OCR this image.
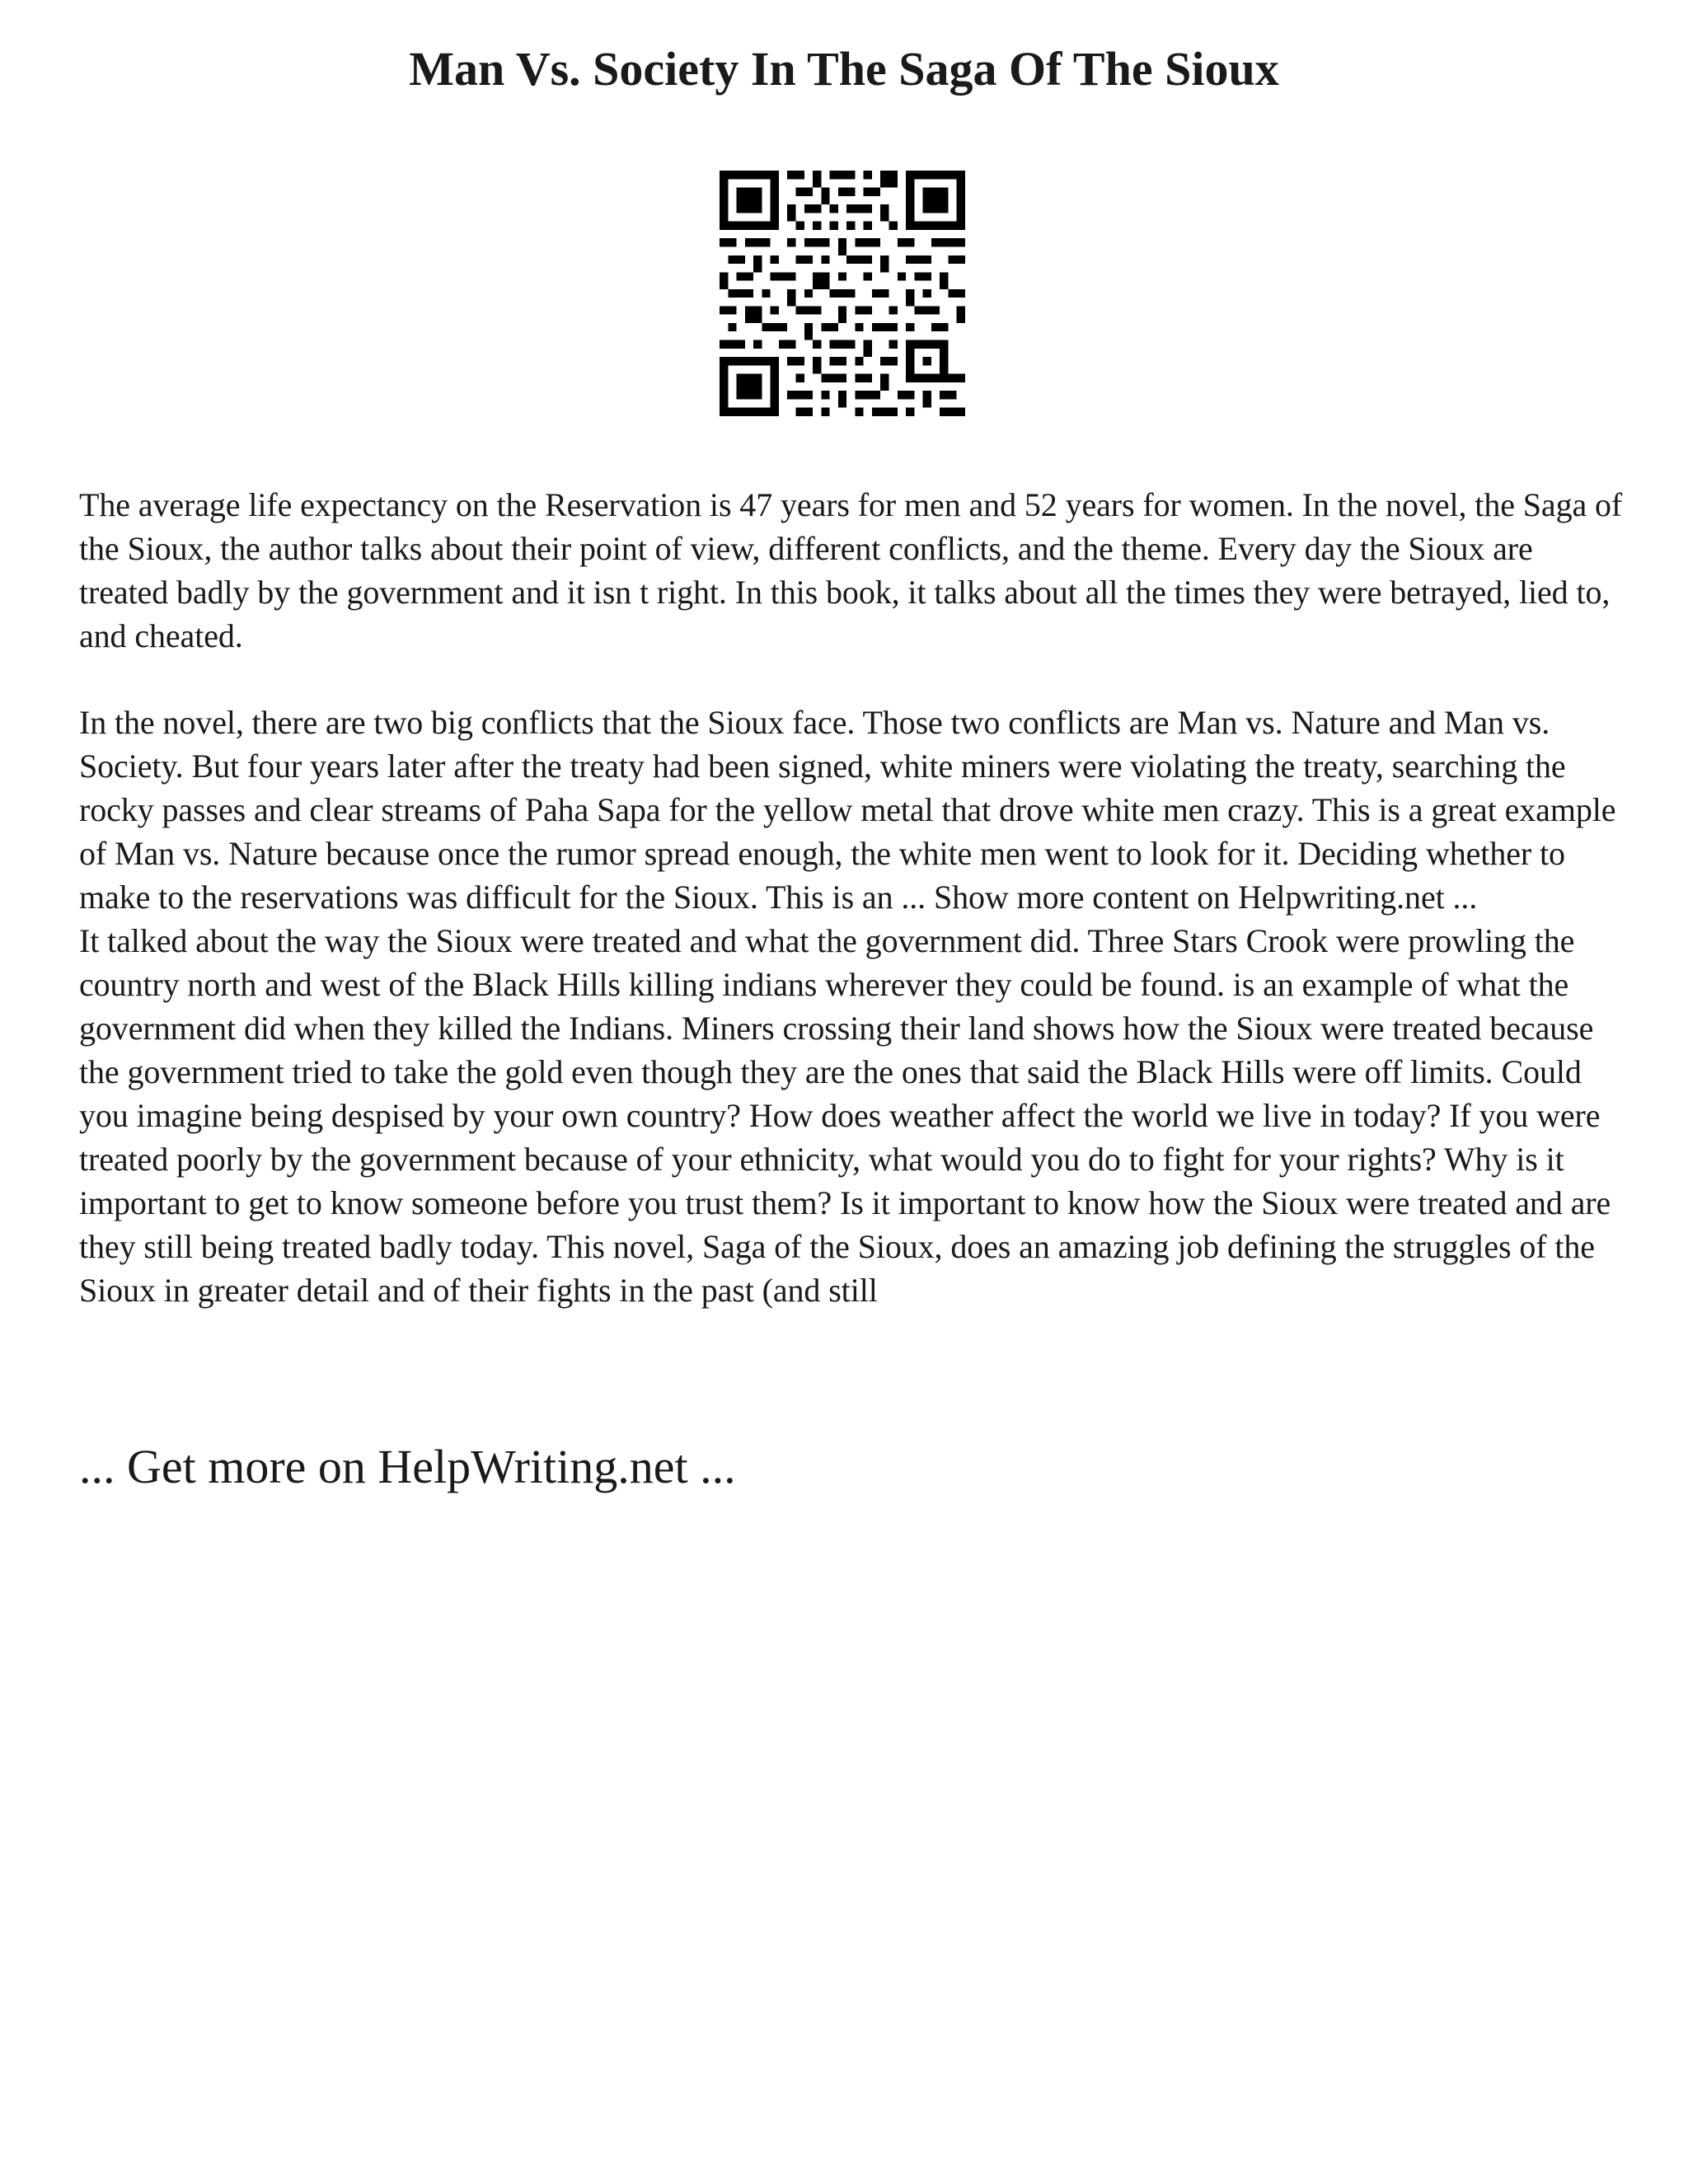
Man Vs. Society In The Saga Of The Sioux

The average life expectancy on the Reservation is 47 years for men and 52 years for women. In the novel, the Saga of the Sioux, the author talks about their point of view, different conflicts, and the theme. Every day the Sioux are treated badly by the government and it isn t right. In this book, it talks about all the times they were betrayed, lied to, and cheated.

In the novel, there are two big conflicts that the Sioux face. Those two conflicts are Man vs. Nature and Man vs. Society. But four years later after the treaty had been signed, white miners were violating the treaty, searching the rocky passes and clear streams of Paha Sapa for the yellow metal that drove white men crazy. This is a great example of Man vs. Nature because once the rumor spread enough, the white men went to look for it. Deciding whether to make to the reservations was difficult for the Sioux. This is an ... Show more content on Helpwriting.net ...

It talked about the way the Sioux were treated and what the government did. Three Stars Crook were prowling the country north and west of the Black Hills killing indians wherever they could be found. is an example of what the government did when they killed the Indians. Miners crossing their land shows how the Sioux were treated because the government tried to take the gold even though they are the ones that said the Black Hills were off limits. Could you imagine being despised by your own country? How does weather affect the world we live in today? If you were treated poorly by the government because of your ethnicity, what would you do to fight for your rights? Why is it important to get to know someone before you trust them? Is it important to know how the Sioux were treated and are they still being treated badly today. This novel, Saga of the Sioux, does an amazing job defining the struggles of the Sioux in greater detail and of their fights in the past (and still

... Get more on HelpWriting.net ...
